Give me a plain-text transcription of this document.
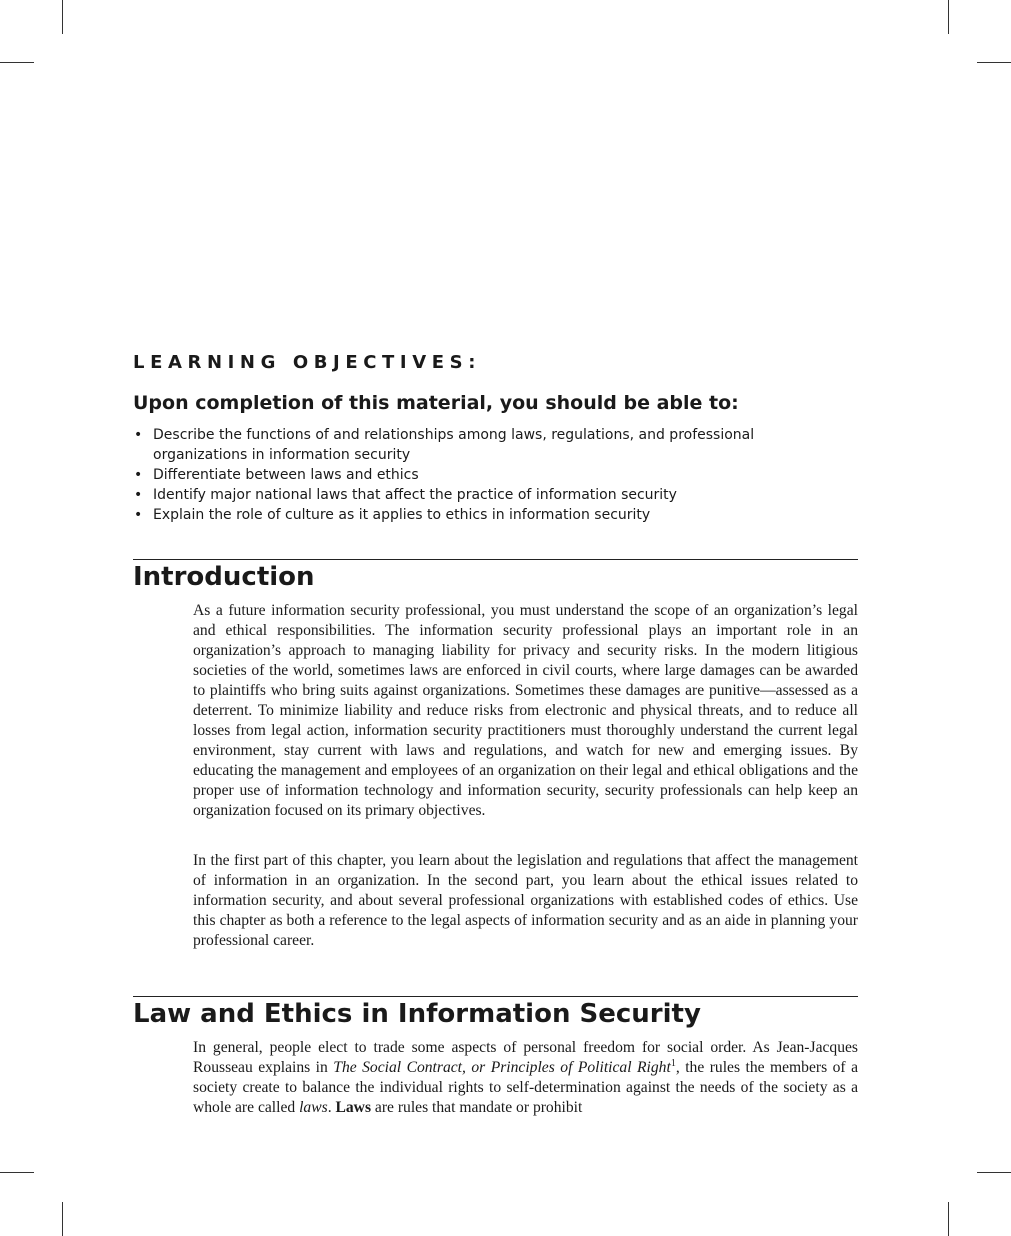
LEARNING OBJECTIVES:
Upon completion of this material, you should be able to:
• Describe the functions of and relationships among laws, regulations, and professional organizations in information security
• Differentiate between laws and ethics
• Identify major national laws that affect the practice of information security
• Explain the role of culture as it applies to ethics in information security
Introduction

As a future information security professional, you must understand the scope of an organization’s legal and ethical responsibilities. The information security professional plays an important role in an organization’s approach to managing liability for privacy and security risks. In the modern litigious societies of the world, sometimes laws are enforced in civil courts, where large damages can be awarded to plaintiffs who bring suits against organizations. Sometimes these damages are punitive—assessed as a deterrent. To minimize liability and reduce risks from electronic and physical threats, and to reduce all losses from legal action, information security practitioners must thoroughly understand the current legal environment, stay current with laws and regulations, and watch for new and emerging issues. By educating the management and employees of an organization on their legal and ethical obligations and the proper use of information technology and information security, security professionals can help keep an organization focused on its primary objectives.

In the first part of this chapter, you learn about the legislation and regulations that affect the management of information in an organization. In the second part, you learn about the ethical issues related to information security, and about several professional organizations with established codes of ethics. Use this chapter as both a reference to the legal aspects of information security and as an aide in planning your professional career.

Law and Ethics in Information Security

In general, people elect to trade some aspects of personal freedom for social order. As Jean-Jacques Rousseau explains in The Social Contract, or Principles of Political Right$^1$, the rules the members of a society create to balance the individual rights to self-determination against the needs of the society as a whole are called laws. Laws are rules that mandate or prohibit
